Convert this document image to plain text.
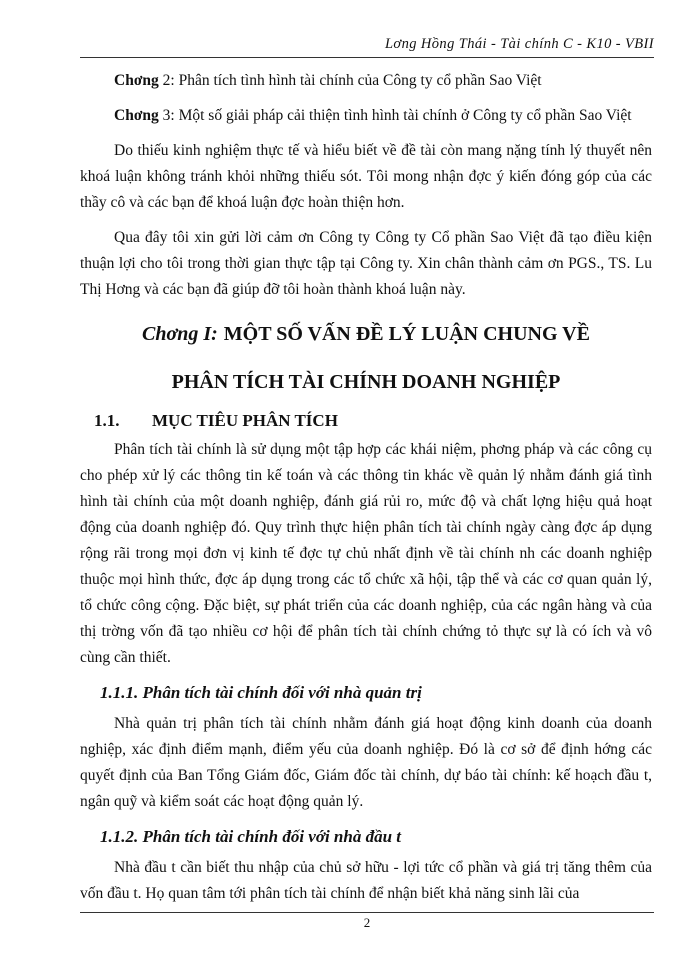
Lơng Hồng Thái - Tài chính C - K10 - VBII

Chơng 2: Phân tích tình hình tài chính của Công ty cổ phần Sao Việt

Chơng 3: Một số giải pháp cải thiện tình hình tài chính ở Công ty cổ phần Sao Việt

Do thiếu kinh nghiệm thực tế và hiểu biết về đề tài còn mang nặng tính lý thuyết nên khoá luận không tránh khỏi những thiếu sót. Tôi mong nhận đợc ý kiến đóng góp của các thầy cô và các bạn để khoá luận đợc hoàn thiện hơn.

Qua đây tôi xin gửi lời cảm ơn Công ty Công ty Cổ phần Sao Việt đã tạo điều kiện thuận lợi cho tôi trong thời gian thực tập tại Công ty. Xin chân thành cảm ơn PGS., TS. Lu Thị Hơng và các bạn đã giúp đỡ tôi hoàn thành khoá luận này.

Chơng I: MỘT SỐ VẤN ĐỀ LÝ LUẬN CHUNG VỀ
PHÂN TÍCH TÀI CHÍNH DOANH NGHIỆP
1.1. MỤC TIÊU PHÂN TÍCH

Phân tích tài chính là sử dụng một tập hợp các khái niệm, phơng pháp và các công cụ cho phép xử lý các thông tin kế toán và các thông tin khác về quản lý nhằm đánh giá tình hình tài chính của một doanh nghiệp, đánh giá rủi ro, mức độ và chất lợng hiệu quả hoạt động của doanh nghiệp đó. Quy trình thực hiện phân tích tài chính ngày càng đợc áp dụng rộng rãi trong mọi đơn vị kinh tế đợc tự chủ nhất định về tài chính nh các doanh nghiệp thuộc mọi hình thức, đợc áp dụng trong các tổ chức xã hội, tập thể và các cơ quan quản lý, tổ chức công cộng. Đặc biệt, sự phát triển của các doanh nghiệp, của các ngân hàng và của thị trờng vốn đã tạo nhiều cơ hội để phân tích tài chính chứng tỏ thực sự là có ích và vô cùng cần thiết.

1.1.1. Phân tích tài chính đối với nhà quản trị

Nhà quản trị phân tích tài chính nhằm đánh giá hoạt động kinh doanh của doanh nghiệp, xác định điểm mạnh, điểm yếu của doanh nghiệp. Đó là cơ sở để định hớng các quyết định của Ban Tổng Giám đốc, Giám đốc tài chính, dự báo tài chính: kế hoạch đầu t, ngân quỹ và kiểm soát các hoạt động quản lý.

1.1.2. Phân tích tài chính đối với nhà đầu t

Nhà đầu t cần biết thu nhập của chủ sở hữu - lợi tức cổ phần và giá trị tăng thêm của vốn đầu t. Họ quan tâm tới phân tích tài chính để nhận biết khả năng sinh lãi của

2
